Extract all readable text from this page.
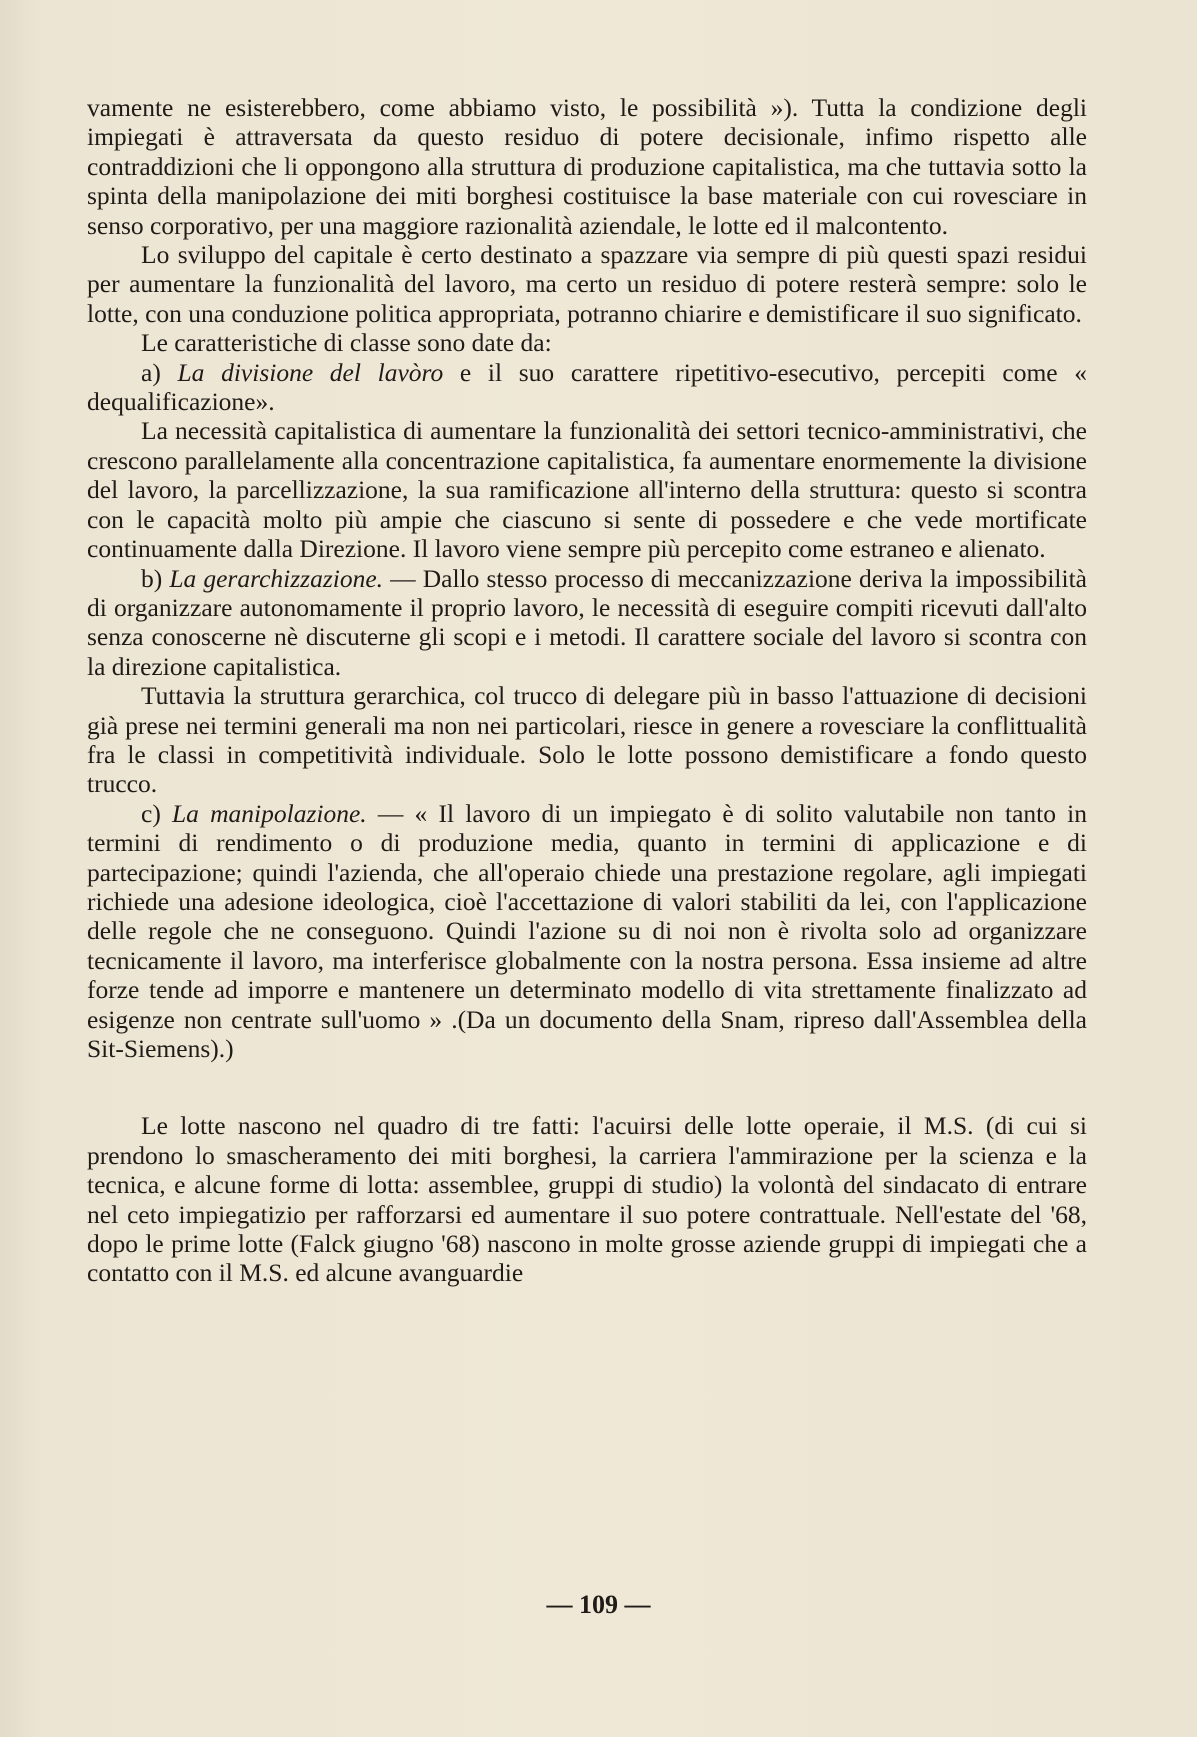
vamente ne esisterebbero, come abbiamo visto, le possibilità »). Tutta la condizione degli impiegati è attraversata da questo residuo di potere decisionale, infimo rispetto alle contraddizioni che li oppongono alla struttura di produzione capitalistica, ma che tuttavia sotto la spinta della manipolazione dei miti borghesi costituisce la base materiale con cui rovesciare in senso corporativo, per una maggiore razionalità aziendale, le lotte ed il malcontento.

Lo sviluppo del capitale è certo destinato a spazzare via sempre di più questi spazi residui per aumentare la funzionalità del lavoro, ma certo un residuo di potere resterà sempre: solo le lotte, con una conduzione politica appropriata, potranno chiarire e demistificare il suo significato.

Le caratteristiche di classe sono date da:

a) La divisione del lavòro e il suo carattere ripetitivo-esecutivo, percepiti come « dequalificazione».

La necessità capitalistica di aumentare la funzionalità dei settori tecnico-amministrativi, che crescono parallelamente alla concentrazione capitalistica, fa aumentare enormemente la divisione del lavoro, la parcellizzazione, la sua ramificazione all'interno della struttura: questo si scontra con le capacità molto più ampie che ciascuno si sente di possedere e che vede mortificate continuamente dalla Direzione. Il lavoro viene sempre più percepito come estraneo e alienato.

b) La gerarchizzazione. — Dallo stesso processo di meccanizzazione deriva la impossibilità di organizzare autonomamente il proprio lavoro, le necessità di eseguire compiti ricevuti dall'alto senza conoscerne nè discuterne gli scopi e i metodi. Il carattere sociale del lavoro si scontra con la direzione capitalistica.

Tuttavia la struttura gerarchica, col trucco di delegare più in basso l'attuazione di decisioni già prese nei termini generali ma non nei particolari, riesce in genere a rovesciare la conflittualità fra le classi in competitività individuale. Solo le lotte possono demistificare a fondo questo trucco.

c) La manipolazione. — « Il lavoro di un impiegato è di solito valutabile non tanto in termini di rendimento o di produzione media, quanto in termini di applicazione e di partecipazione; quindi l'azienda, che all'operaio chiede una prestazione regolare, agli impiegati richiede una adesione ideologica, cioè l'accettazione di valori stabiliti da lei, con l'applicazione delle regole che ne conseguono. Quindi l'azione su di noi non è rivolta solo ad organizzare tecnicamente il lavoro, ma interferisce globalmente con la nostra persona. Essa insieme ad altre forze tende ad imporre e mantenere un determinato modello di vita strettamente finalizzato ad esigenze non centrate sull'uomo » .(Da un documento della Snam, ripreso dall'Assemblea della Sit-Siemens).)

Le lotte nascono nel quadro di tre fatti: l'acuirsi delle lotte operaie, il M.S. (di cui si prendono lo smascheramento dei miti borghesi, la carriera l'ammirazione per la scienza e la tecnica, e alcune forme di lotta: assemblee, gruppi di studio) la volontà del sindacato di entrare nel ceto impiegatizio per rafforzarsi ed aumentare il suo potere contrattuale. Nell'estate del '68, dopo le prime lotte (Falck giugno '68) nascono in molte grosse aziende gruppi di impiegati che a contatto con il M.S. ed alcune avanguardie

— 109 —
